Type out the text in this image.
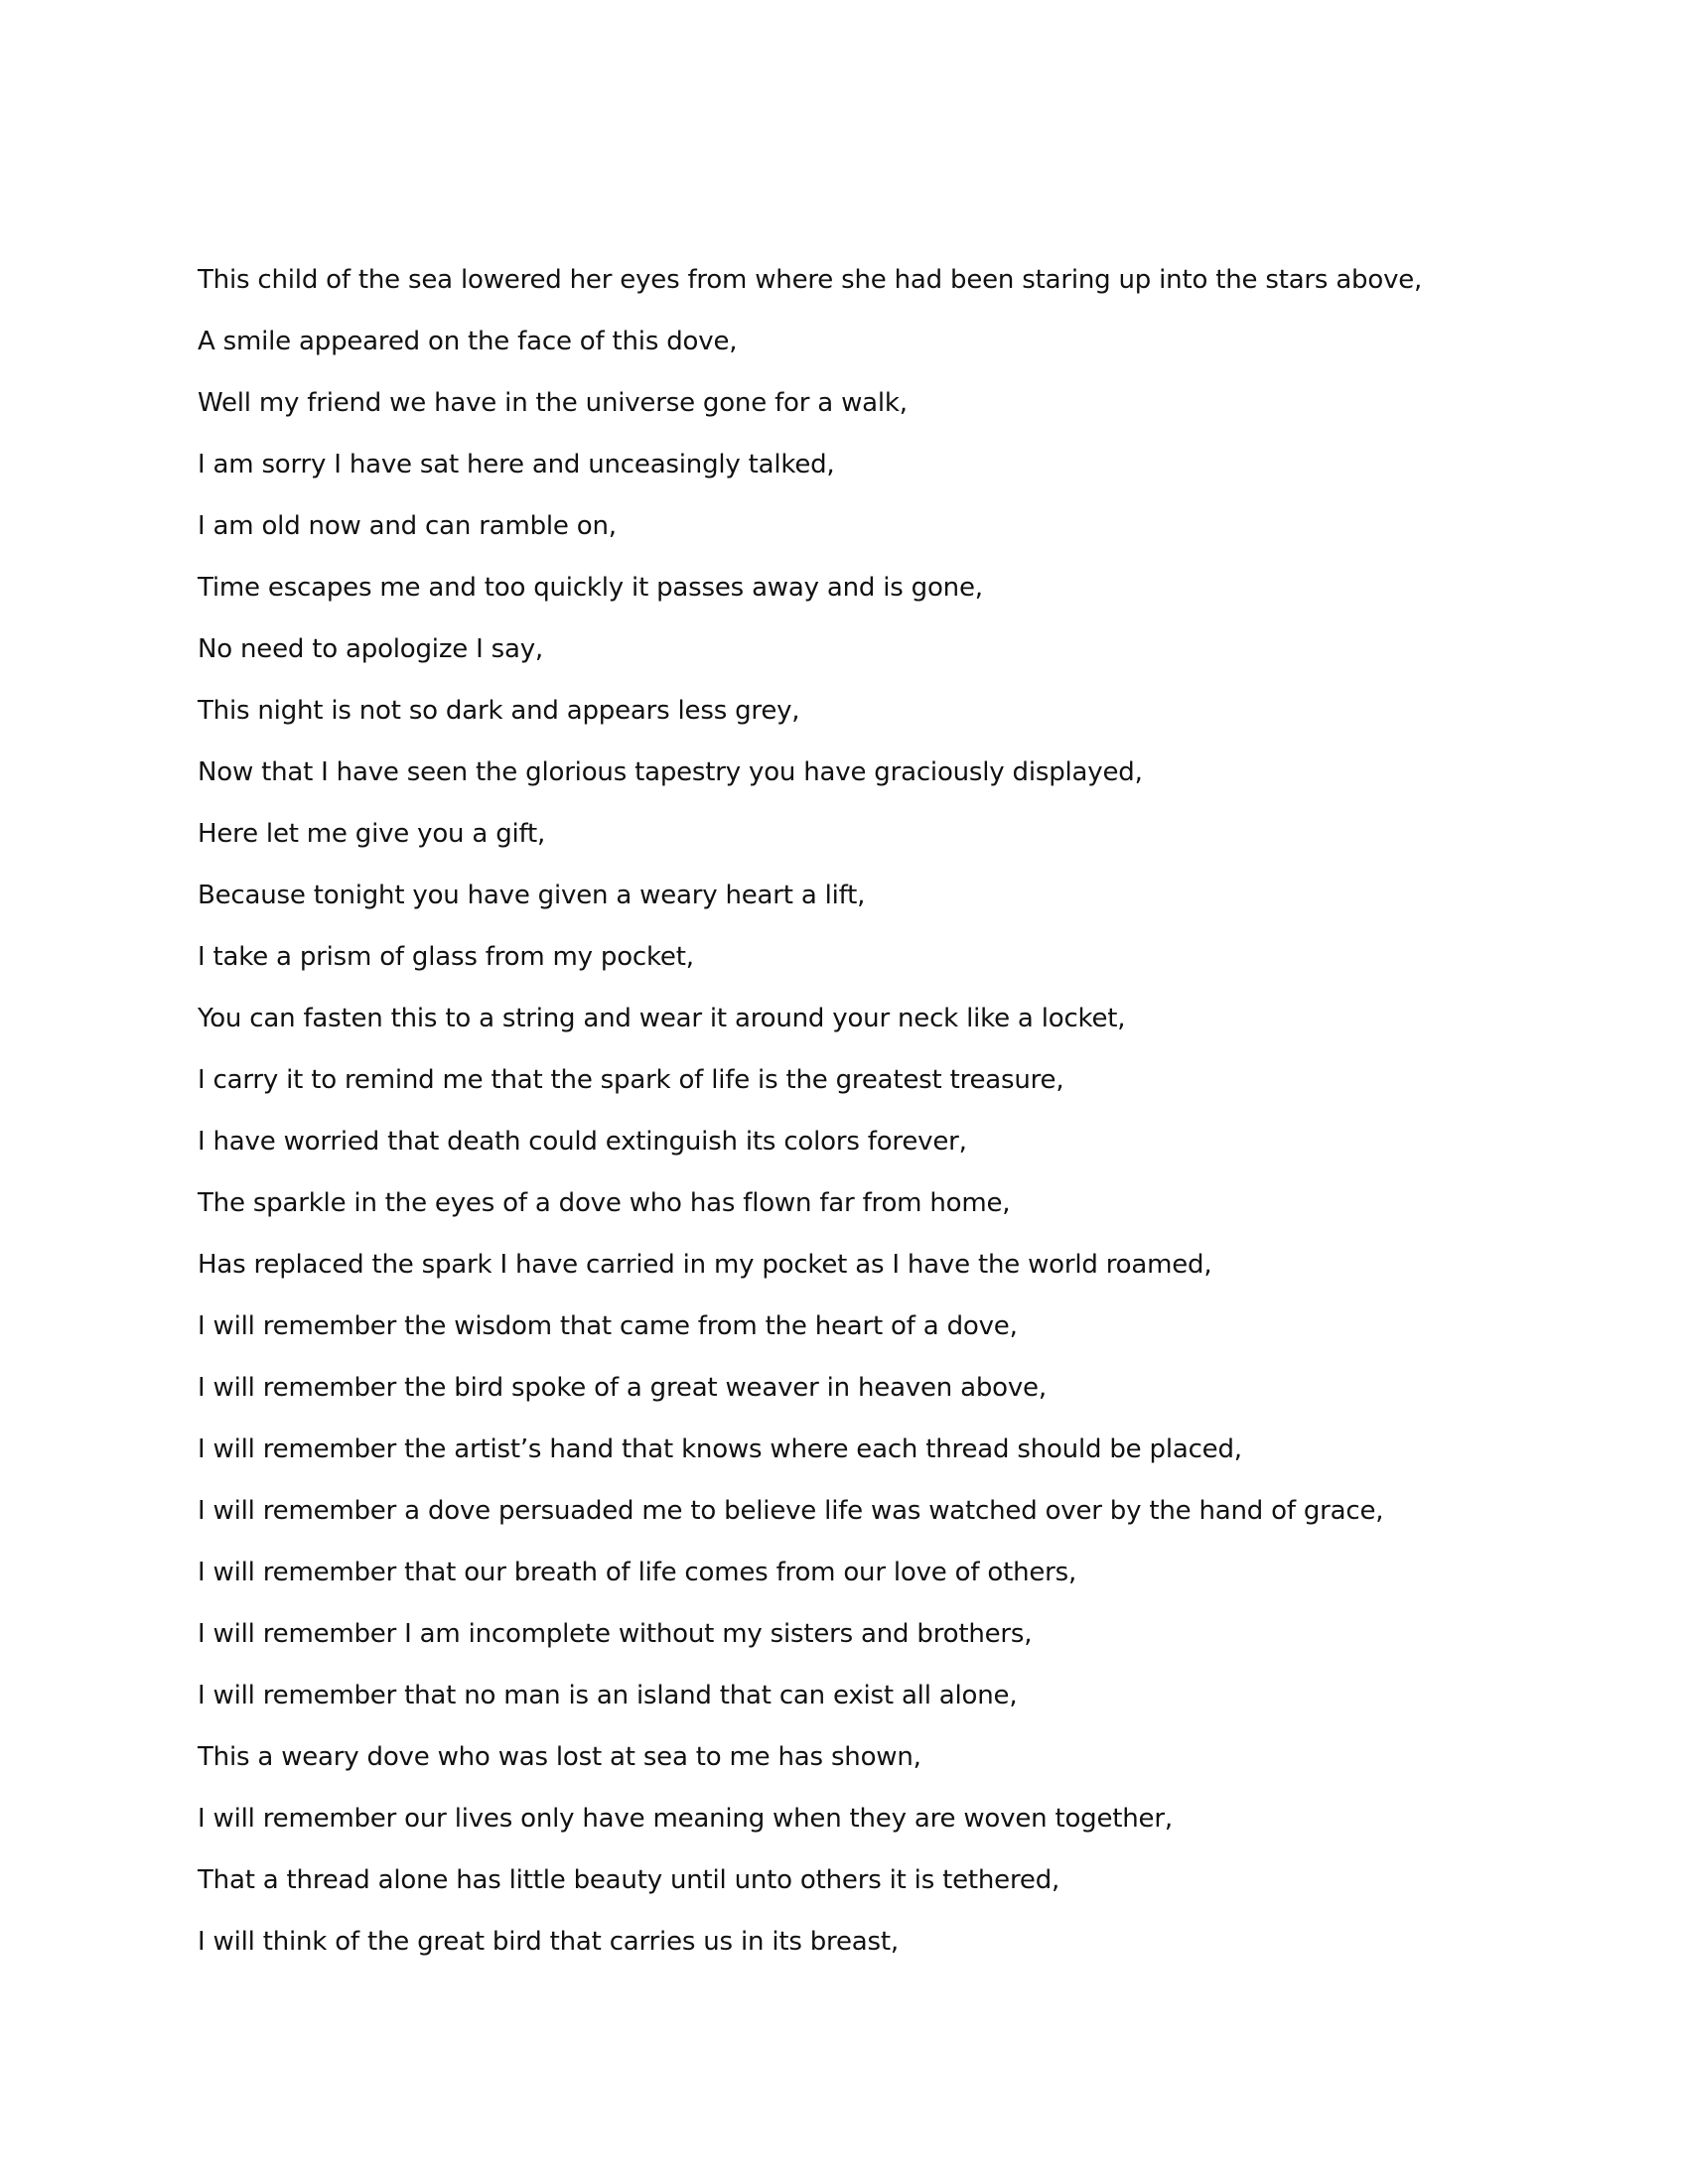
This child of the sea lowered her eyes from where she had been staring up into the stars above,
A smile appeared on the face of this dove,
Well my friend we have in the universe gone for a walk,
I am sorry I have sat here and unceasingly talked,
I am old now and can ramble on,
Time escapes me and too quickly it passes away and is gone,
No need to apologize I say,
This night is not so dark and appears less grey,
Now that I have seen the glorious tapestry you have graciously displayed,
Here let me give you a gift,
Because tonight you have given a weary heart a lift,
I take a prism of glass from my pocket,
You can fasten this to a string and wear it around your neck like a locket,
I carry it to remind me that the spark of life is the greatest treasure,
I have worried that death could extinguish its colors forever,
The sparkle in the eyes of a dove who has flown far from home,
Has replaced the spark I have carried in my pocket as I have the world roamed,
I will remember the wisdom that came from the heart of a dove,
I will remember the bird spoke of a great weaver in heaven above,
I will remember the artist’s hand that knows where each thread should be placed,
I will remember a dove persuaded me to believe life was watched over by the hand of grace,
I will remember that our breath of life comes from our love of others,
I will remember I am incomplete without my sisters and brothers,
I will remember that no man is an island that can exist all alone,
This a weary dove who was lost at sea to me has shown,
I will remember our lives only have meaning when they are woven together,
That a thread alone has little beauty until unto others it is tethered,
I will think of the great bird that carries us in its breast,
